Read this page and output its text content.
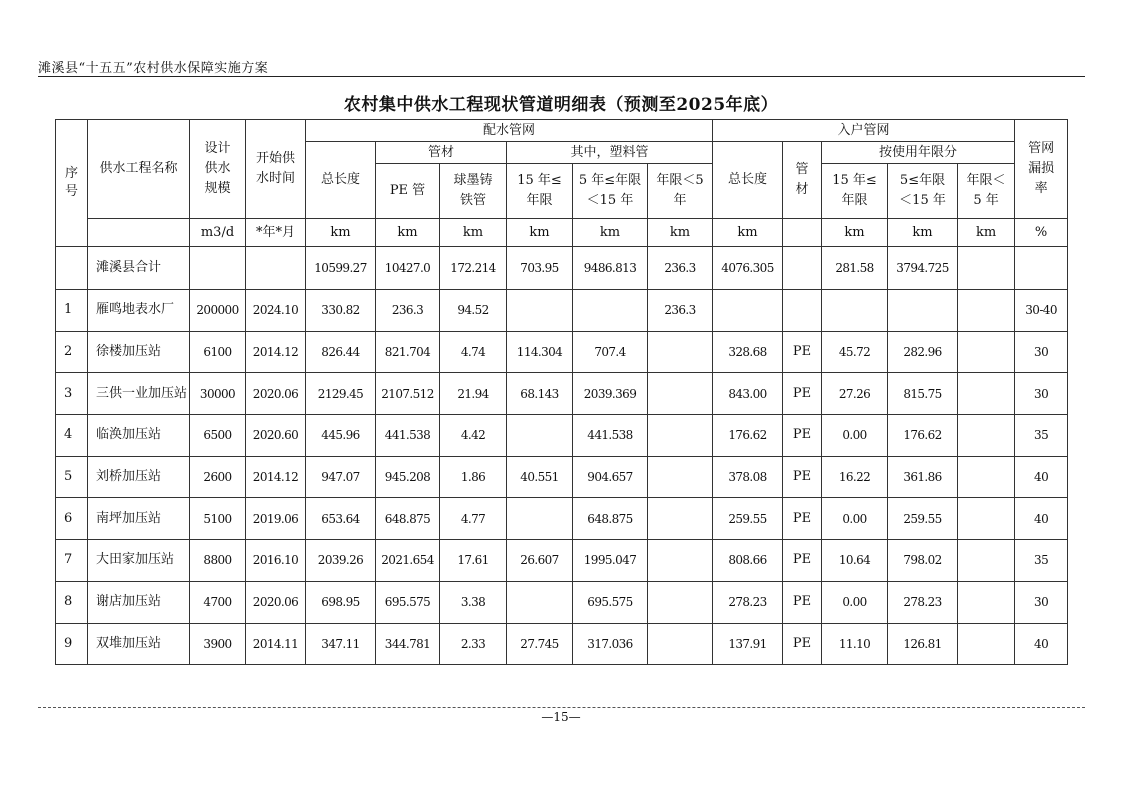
滩溪县“十五五”农村供水保障实施方案
农村集中供水工程现状管道明细表（预测至2025年底）
序号	供水工程名称	设计供水规模	开始供水时间	配水管网						入户管网					管网漏损率
				总长度	管材		其中，塑料管			总长度	管材	按使用年限分			
					PE 管	球墨铸铁管	15 年≤年限	5 年≤年限＜15 年	年限＜5 年			15 年≤年限	5≤年限＜15 年	年限＜5 年	
		m3/d	*年*月	km	km	km	km	km	km	km		km	km	km	%
	滩溪县合计			10599.27	10427.0	172.214	703.95	9486.813	236.3	4076.305		281.58	3794.725		
1	雁鸣地表水厂	200000	2024.10	330.82	236.3	94.52			236.3						30-40
2	徐楼加压站	6100	2014.12	826.44	821.704	4.74	114.304	707.4		328.68	PE	45.72	282.96		30
3	三供一业加压站	30000	2020.06	2129.45	2107.512	21.94	68.143	2039.369		843.00	PE	27.26	815.75		30
4	临涣加压站	6500	2020.60	445.96	441.538	4.42		441.538		176.62	PE	0.00	176.62		35
5	刘桥加压站	2600	2014.12	947.07	945.208	1.86	40.551	904.657		378.08	PE	16.22	361.86		40
6	南坪加压站	5100	2019.06	653.64	648.875	4.77		648.875		259.55	PE	0.00	259.55		40
7	大田家加压站	8800	2016.10	2039.26	2021.654	17.61	26.607	1995.047		808.66	PE	10.64	798.02		35
8	谢店加压站	4700	2020.06	698.95	695.575	3.38		695.575		278.23	PE	0.00	278.23		30
9	双堆加压站	3900	2014.11	347.11	344.781	2.33	27.745	317.036		137.91	PE	11.10	126.81		40
—15—
